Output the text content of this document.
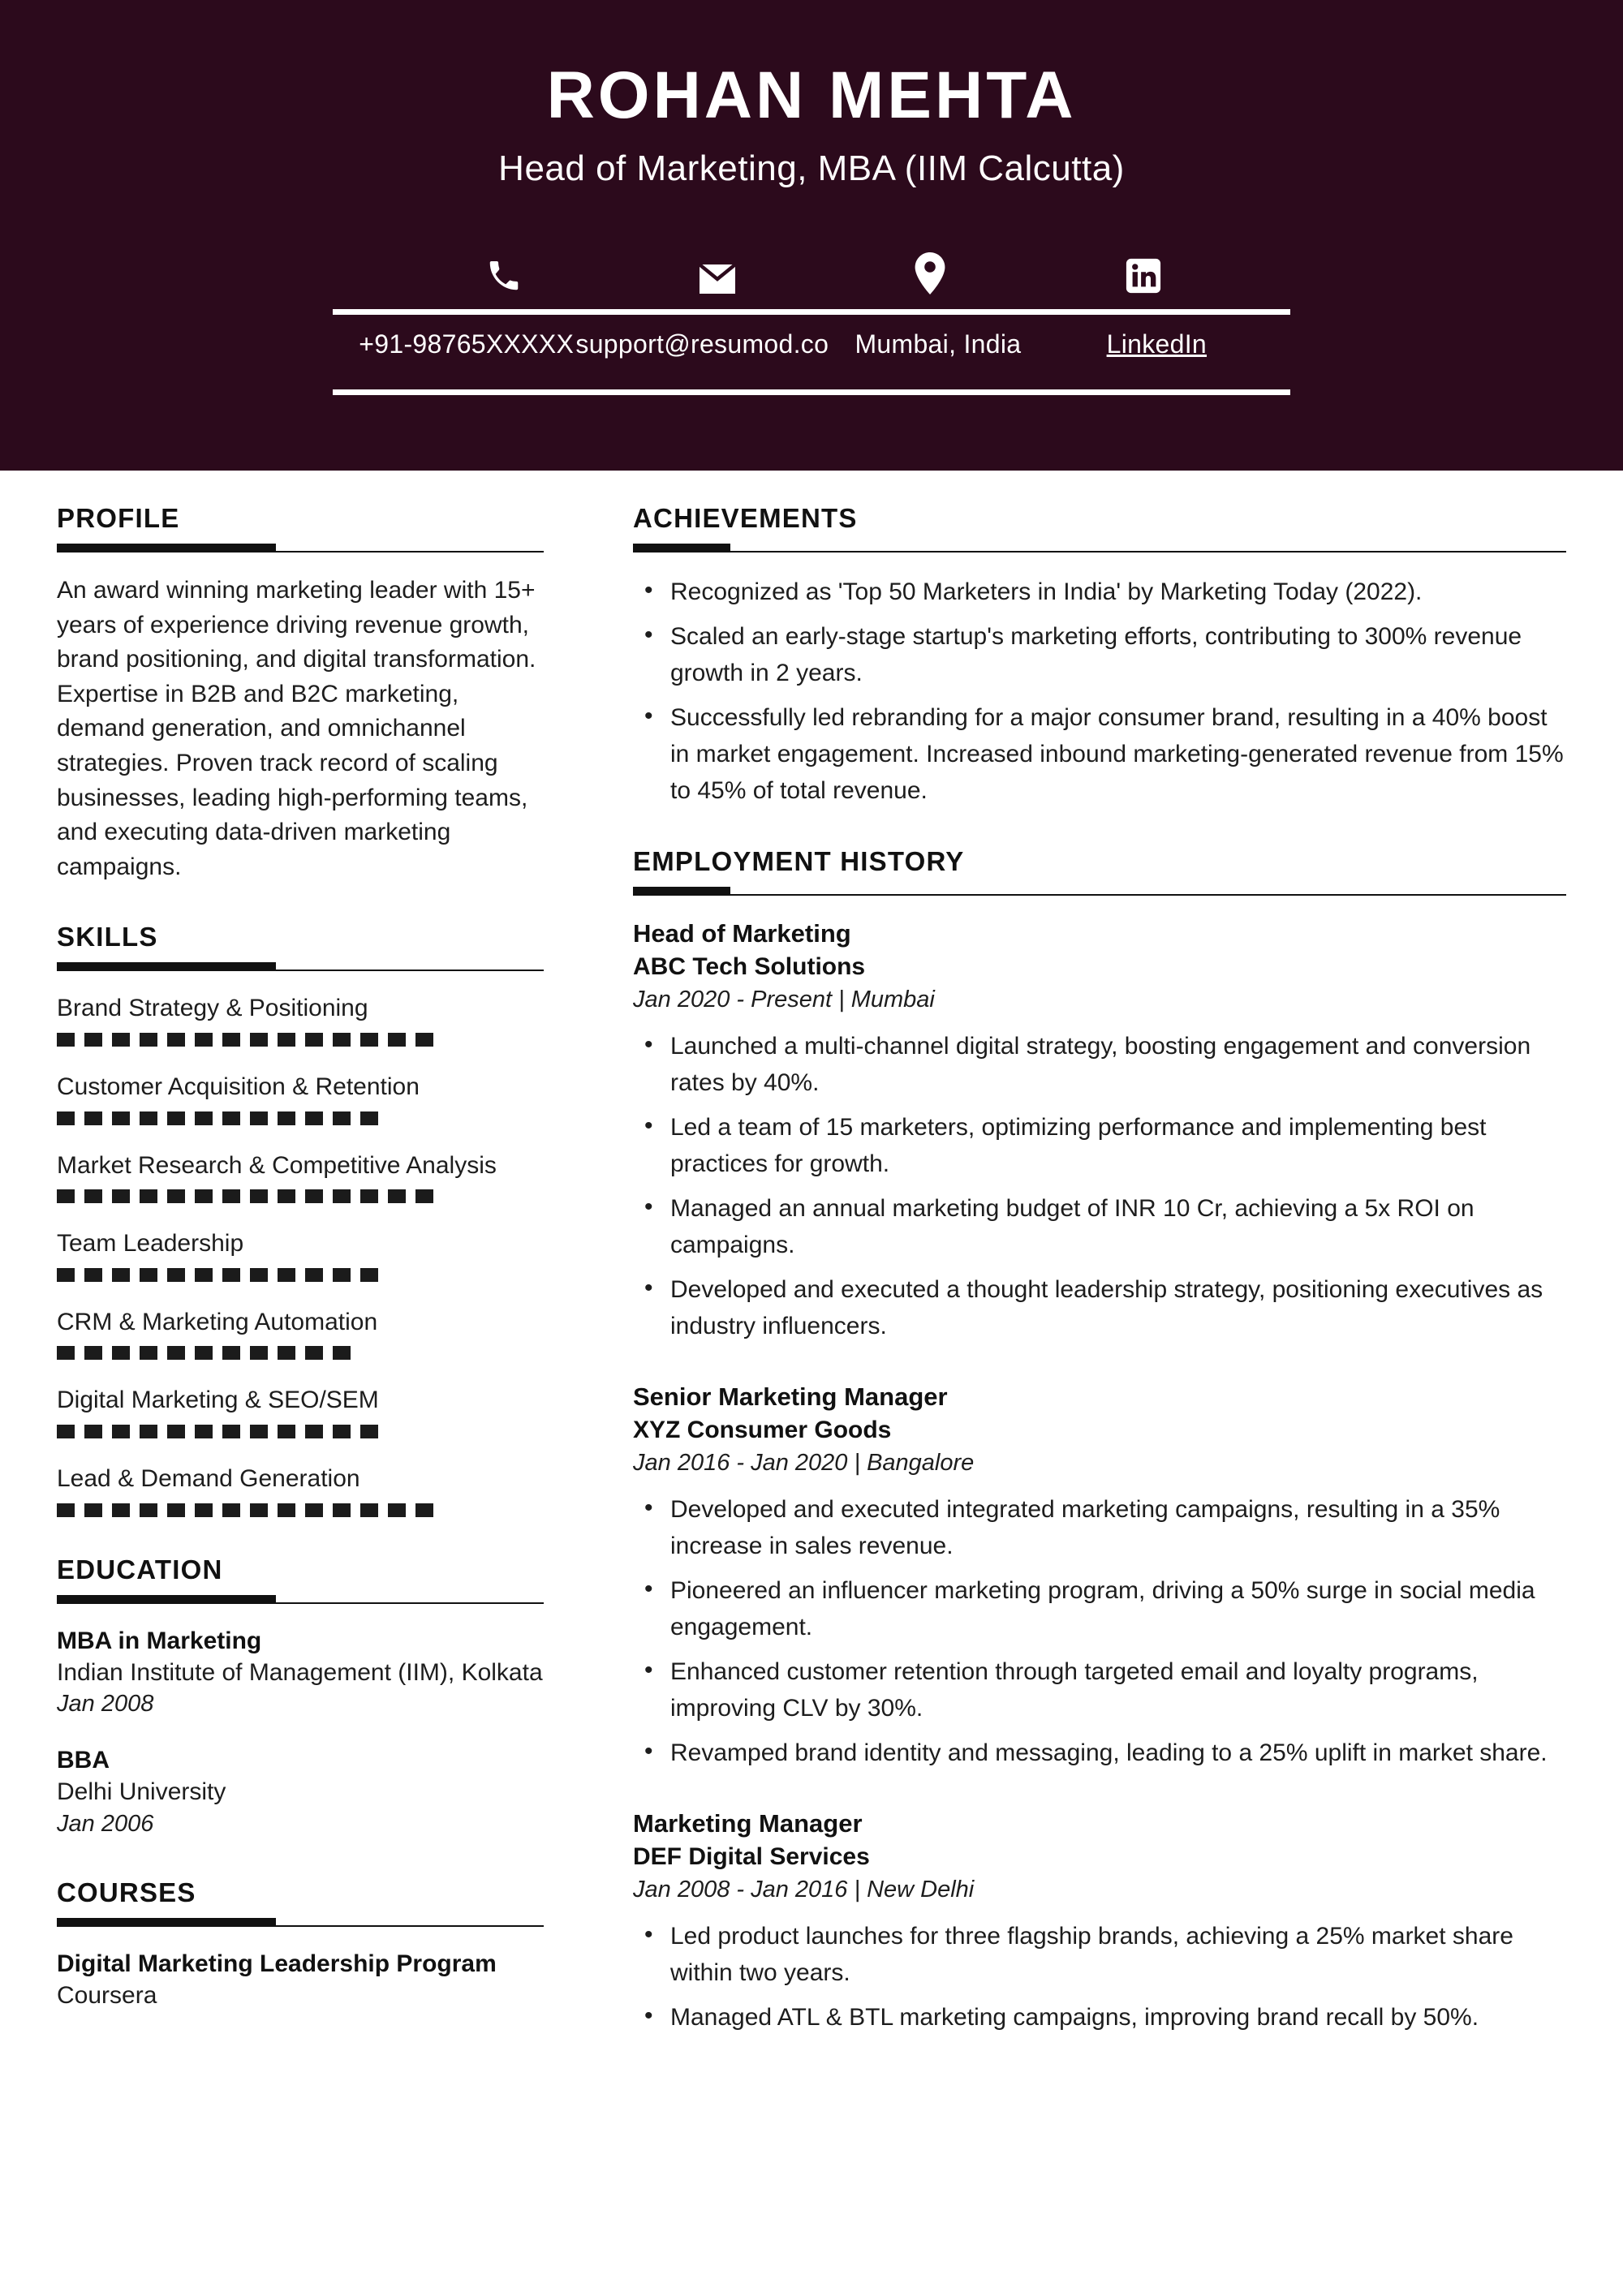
ROHAN MEHTA
Head of Marketing, MBA (IIM Calcutta)
+91-98765XXXXX support@resumod.co	Mumbai, India	LinkedIn
PROFILE

An award winning marketing leader with 15+ years of experience driving revenue growth, brand positioning, and digital transformation. Expertise in B2B and B2C marketing, demand generation, and omnichannel strategies. Proven track record of scaling businesses, leading high-performing teams, and executing data-driven marketing campaigns.

SKILLS
Brand Strategy & Positioning
Customer Acquisition & Retention
Market Research & Competitive Analysis
Team Leadership
CRM & Marketing Automation
Digital Marketing & SEO/SEM
Lead & Demand Generation
EDUCATION
MBA in Marketing
Indian Institute of Management (IIM), Kolkata
Jan 2008
BBA
Delhi University
Jan 2006
COURSES
Digital Marketing Leadership Program
Coursera
ACHIEVEMENTS
• Recognized as 'Top 50 Marketers in India' by Marketing Today (2022).
• Scaled an early-stage startup's marketing efforts, contributing to 300% revenue growth in 2 years.
• Successfully led rebranding for a major consumer brand, resulting in a 40% boost in market engagement. Increased inbound marketing-generated revenue from 15% to 45% of total revenue.
EMPLOYMENT HISTORY
Head of Marketing
ABC Tech Solutions
Jan 2020 - Present | Mumbai
• Launched a multi-channel digital strategy, boosting engagement and conversion rates by 40%.
• Led a team of 15 marketers, optimizing performance and implementing best practices for growth.
• Managed an annual marketing budget of INR 10 Cr, achieving a 5x ROI on campaigns.
• Developed and executed a thought leadership strategy, positioning executives as industry influencers.
Senior Marketing Manager
XYZ Consumer Goods
Jan 2016 - Jan 2020 | Bangalore
• Developed and executed integrated marketing campaigns, resulting in a 35% increase in sales revenue.
• Pioneered an influencer marketing program, driving a 50% surge in social media engagement.
• Enhanced customer retention through targeted email and loyalty programs, improving CLV by 30%.
• Revamped brand identity and messaging, leading to a 25% uplift in market share.
Marketing Manager
DEF Digital Services
Jan 2008 - Jan 2016 | New Delhi
• Led product launches for three flagship brands, achieving a 25% market share within two years.
• Managed ATL & BTL marketing campaigns, improving brand recall by 50%.
